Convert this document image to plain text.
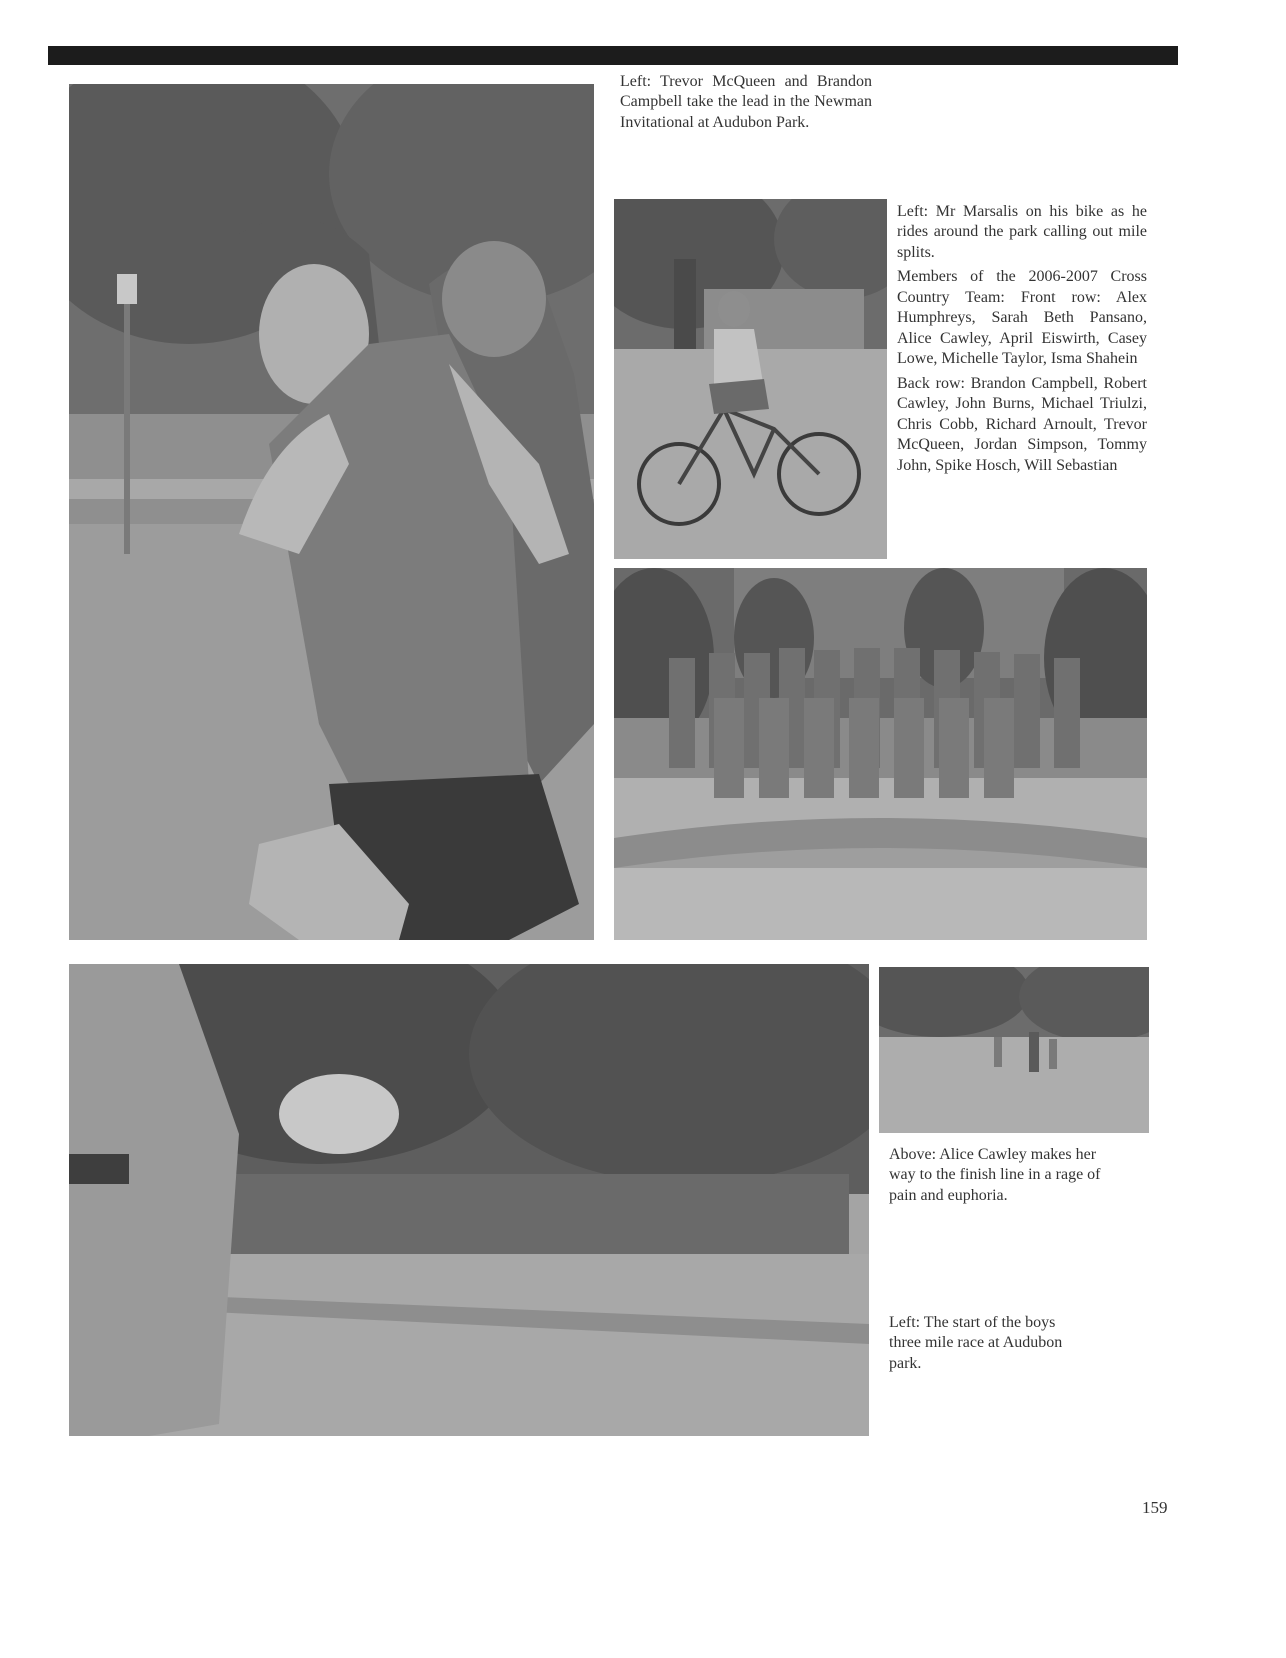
Left: Trevor McQueen and Brandon Campbell take the lead in the Newman Invitational at Audubon Park.

Left: Mr Marsalis on his bike as he rides around the park calling out mile splits.

Members of the 2006-2007 Cross Country Team: Front row: Alex Humphreys, Sarah Beth Pansano, Alice Cawley, April Eiswirth, Casey Lowe, Michelle Taylor, Isma Shahein

Back row: Brandon Campbell, Robert Cawley, John Burns, Michael Triulzi, Chris Cobb, Richard Arnoult, Trevor McQueen, Jordan Simpson, Tommy John, Spike Hosch, Will Sebastian

Above: Alice Cawley makes her way to the finish line in a rage of pain and euphoria.

Left: The start of the boys three mile race at Audubon park.

159
